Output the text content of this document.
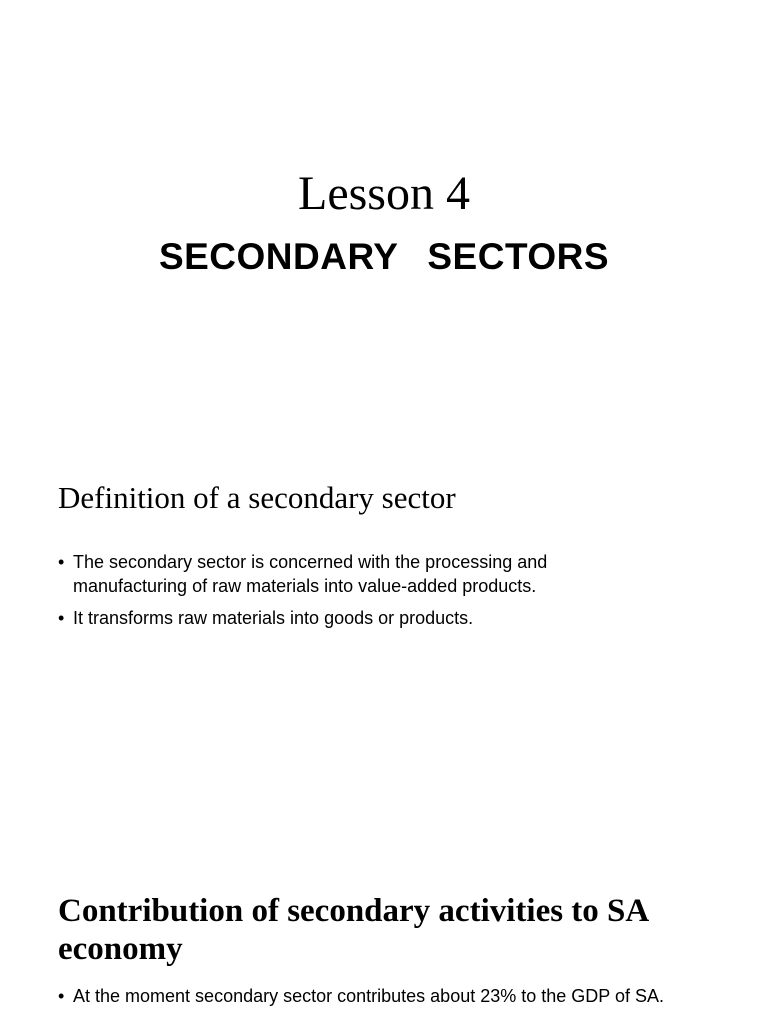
Lesson 4
SECONDARY  SECTORS
Definition of a secondary sector
• The secondary sector is concerned with the processing and manufacturing of raw materials into value-added products.
• It transforms raw materials into goods or products.
Contribution of secondary activities to SA economy
• At the moment secondary sector contributes about 23% to the GDP of SA.
